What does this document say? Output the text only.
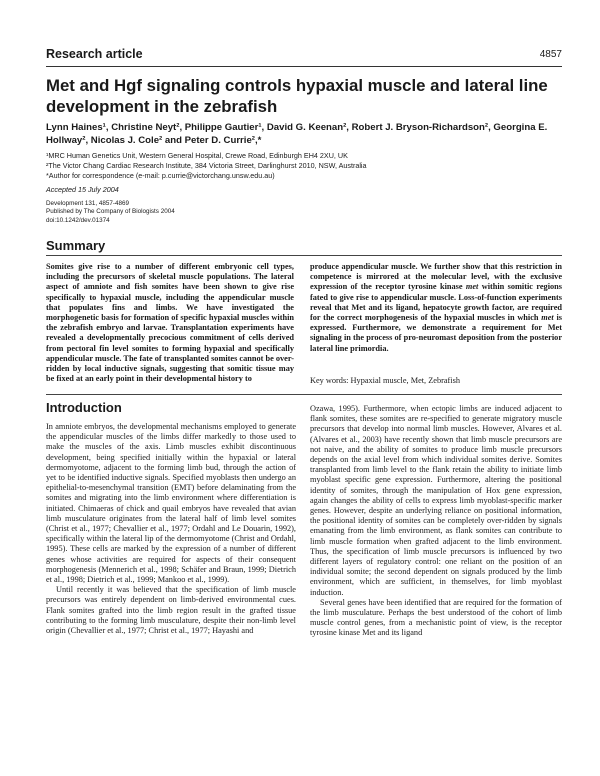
Research article	4857
Met and Hgf signaling controls hypaxial muscle and lateral line development in the zebrafish

Lynn Haines¹, Christine Neyt², Philippe Gautier¹, David G. Keenan², Robert J. Bryson-Richardson², Georgina E. Hollway², Nicolas J. Cole² and Peter D. Currie²,*

¹MRC Human Genetics Unit, Western General Hospital, Crewe Road, Edinburgh EH4 2XU, UK
²The Victor Chang Cardiac Research Institute, 384 Victoria Street, Darlinghurst 2010, NSW, Australia
*Author for correspondence (e-mail: p.currie@victorchang.unsw.edu.au)
Accepted 15 July 2004
Development 131, 4857-4869
Published by The Company of Biologists 2004
doi:10.1242/dev.01374
Summary

Somites give rise to a number of different embryonic cell types, including the precursors of skeletal muscle populations. The lateral aspect of amniote and fish somites have been shown to give rise specifically to hypaxial muscle, including the appendicular muscle that populates fins and limbs. We have investigated the morphogenetic basis for formation of specific hypaxial muscles within the zebrafish embryo and larvae. Transplantation experiments have revealed a developmentally precocious commitment of cells derived from pectoral fin level somites to forming hypaxial and specifically appendicular muscle. The fate of transplanted somites cannot be over-ridden by local inductive signals, suggesting that somitic tissue may be fixed at an early point in their developmental history to

produce appendicular muscle. We further show that this restriction in competence is mirrored at the molecular level, with the exclusive expression of the receptor tyrosine kinase met within somitic regions fated to give rise to appendicular muscle. Loss-of-function experiments reveal that Met and its ligand, hepatocyte growth factor, are required for the correct morphogenesis of the hypaxial muscles in which met is expressed. Furthermore, we demonstrate a requirement for Met signaling in the process of pro-neuromast deposition from the posterior lateral line primordia.

Key words: Hypaxial muscle, Met, Zebrafish
Introduction

In amniote embryos, the developmental mechanisms employed to generate the appendicular muscles of the limbs differ markedly to those used to make the muscles of the axis. Limb muscles exhibit discontinuous development, being specified initially within the hypaxial or lateral dermomyotome, adjacent to the forming limb bud, through the action of yet to be identified inductive signals. Specified myoblasts then undergo an epithelial-to-mesenchymal transition (EMT) before delaminating from the somites and migrating into the limb environment where differentiation is initiated. Chimaeras of chick and quail embryos have revealed that avian limb musculature originates from the lateral half of limb level somites (Christ et al., 1977; Chevallier et al., 1977; Ordahl and Le Douarin, 1992), specifically within the lateral lip of the dermomyotome (Christ and Ordahl, 1995). These cells are marked by the expression of a number of different genes whose activities are required for aspects of their consequent morphogenesis (Mennerich et al., 1998; Schäfer and Braun, 1999; Dietrich et al., 1998; Dietrich et al., 1999; Mankoo et al., 1999).

Until recently it was believed that the specification of limb muscle precursors was entirely dependent on limb-derived environmental cues. Flank somites grafted into the limb region result in the grafted tissue contributing to the forming limb musculature, despite their non-limb level origin (Chevallier et al., 1977; Christ et al., 1977; Hayashi and

Ozawa, 1995). Furthermore, when ectopic limbs are induced adjacent to flank somites, these somites are re-specified to generate migratory muscle precursors that develop into normal limb muscles. However, Alvares et al. (Alvares et al., 2003) have recently shown that limb muscle precursors are not naive, and the ability of somites to produce limb muscle precursors depends on the axial level from which individual somites derive. Somites transplanted from limb level to the flank retain the ability to initiate limb myoblast specific gene expression. Furthermore, altering the positional identity of somites, through the manipulation of Hox gene expression, again changes the ability of cells to express limb myoblast-specific marker genes. However, despite an underlying reliance on positional information, the positional identity of somites can be completely over-ridden by signals emanating from the limb environment, as flank somites can contribute to limb muscle formation when grafted adjacent to the limb environment. Thus, the specification of limb muscle precursors is influenced by two different layers of regulatory control: one reliant on the position of an individual somite; the second dependent on signals produced by the limb environment, which are sufficient, in themselves, for limb myoblast induction.

Several genes have been identified that are required for the formation of the limb musculature. Perhaps the best understood of the cohort of limb muscle control genes, from a mechanistic point of view, is the receptor tyrosine kinase Met and its ligand
